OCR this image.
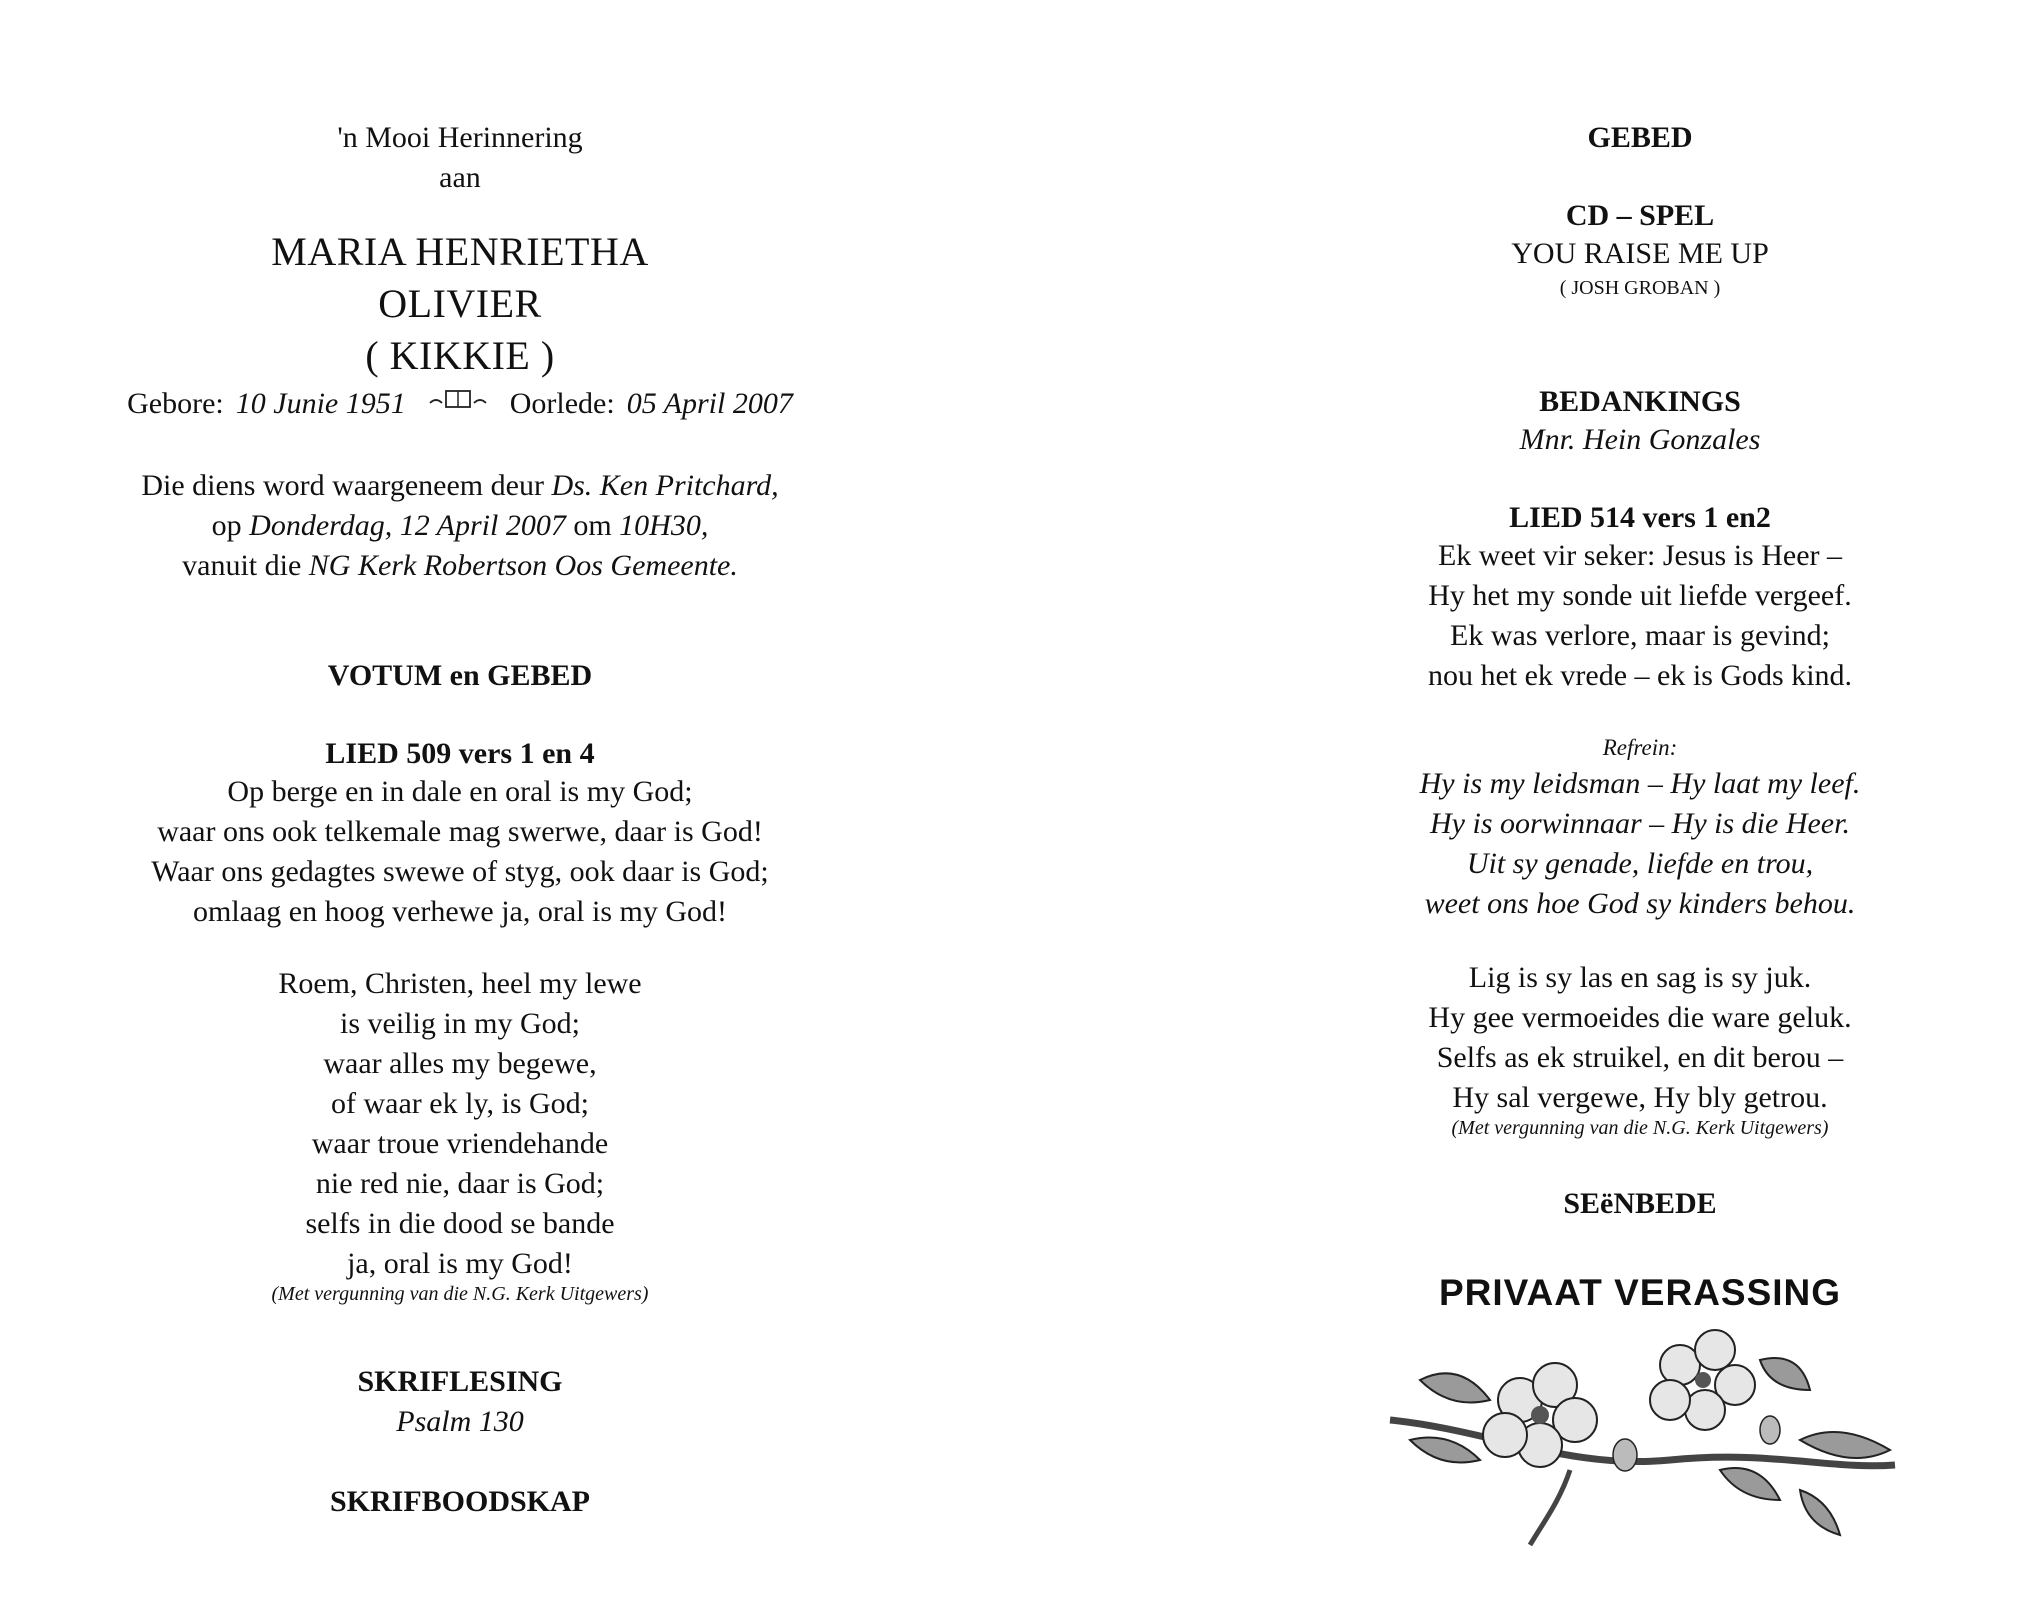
'n Mooi Herinnering
aan
MARIA HENRIETHA
OLIVIER
( KIKKIE )
Gebore: 10 Junie 1951	Oorlede: 05 April 2007
Die diens word waargeneem deur Ds. Ken Pritchard,
op Donderdag, 12 April 2007 om 10H30,
vanuit die NG Kerk Robertson Oos Gemeente.
VOTUM en GEBED
LIED 509 vers 1 en 4
Op berge en in dale en oral is my God;
waar ons ook telkemale mag swerwe, daar is God!
Waar ons gedagtes swewe of styg, ook daar is God;
omlaag en hoog verhewe ja, oral is my God!
Roem, Christen, heel my lewe
is veilig in my God;
waar alles my begewe,
of waar ek ly, is God;
waar troue vriendehande
nie red nie, daar is God;
selfs in die dood se bande
ja, oral is my God!
(Met vergunning van die N.G. Kerk Uitgewers)
SKRIFLESING
Psalm 130
SKRIFBOODSKAP
GEBED
CD – SPEL
YOU RAISE ME UP
( JOSH GROBAN )
BEDANKINGS
Mnr. Hein Gonzales
LIED 514 vers 1 en2
Ek weet vir seker: Jesus is Heer –
Hy het my sonde uit liefde vergeef.
Ek was verlore, maar is gevind;
nou het ek vrede – ek is Gods kind.
Refrein:
Hy is my leidsman – Hy laat my leef.
Hy is oorwinnaar – Hy is die Heer.
Uit sy genade, liefde en trou,
weet ons hoe God sy kinders behou.
Lig is sy las en sag is sy juk.
Hy gee vermoeides die ware geluk.
Selfs as ek struikel, en dit berou –
Hy sal vergewe, Hy bly getrou.
(Met vergunning van die N.G. Kerk Uitgewers)
SEëNBEDE
PRIVAAT VERASSING
